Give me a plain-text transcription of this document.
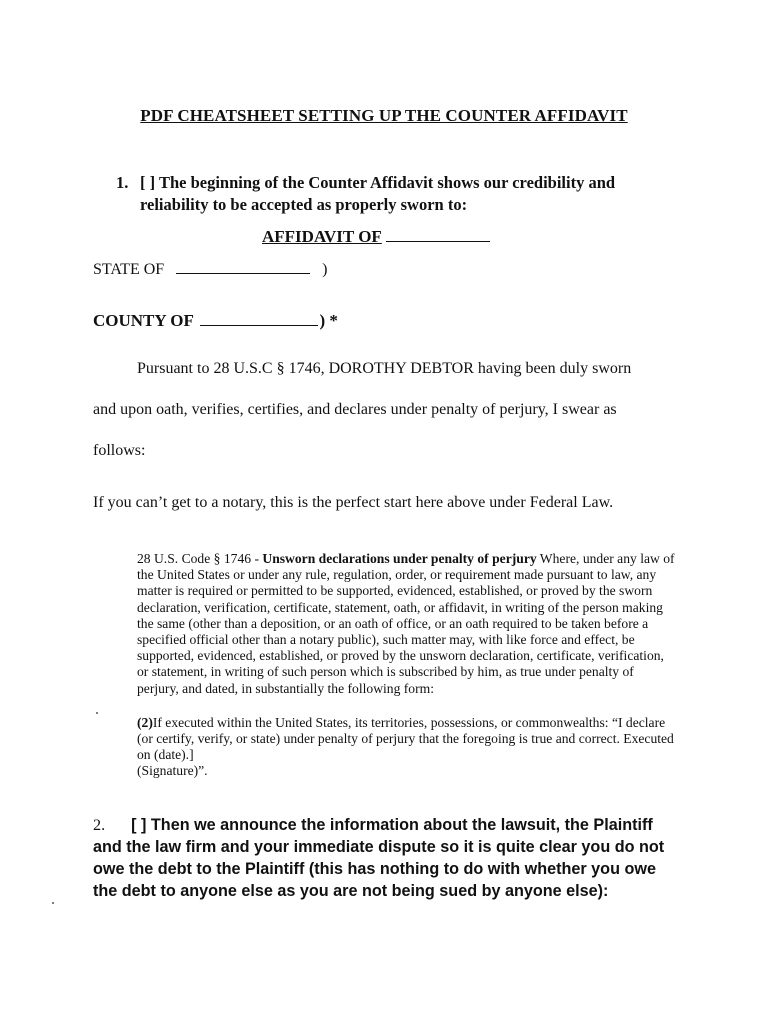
PDF CHEATSHEET SETTING UP THE COUNTER AFFIDAVIT
1. [ ] The beginning of the Counter Affidavit shows our credibility and
reliability to be accepted as properly sworn to:
AFFIDAVIT OF
STATE OF	)
COUNTY OF	) *
Pursuant to 28 U.S.C § 1746, DOROTHY DEBTOR having been duly sworn
and upon oath, verifies, certifies, and declares under penalty of perjury, I swear as
follows:
If you can’t get to a notary, this is the perfect start here above under Federal Law.

28 U.S. Code § 1746 - Unsworn declarations under penalty of perjury Where, under any law of the United States or under any rule, regulation, order, or requirement made pursuant to law, any matter is required or permitted to be supported, evidenced, established, or proved by the sworn declaration, verification, certificate, statement, oath, or affidavit, in writing of the person making the same (other than a deposition, or an oath of office, or an oath required to be taken before a specified official other than a notary public), such matter may, with like force and effect, be supported, evidenced, established, or proved by the unsworn declaration, certificate, verification, or statement, in writing of such person which is subscribed by him, as true under penalty of perjury, and dated, in substantially the following form:

(2)If executed within the United States, its territories, possessions, or commonwealths: “I declare (or certify, verify, or state) under penalty of perjury that the foregoing is true and correct. Executed on (date).]

(Signature)”.

2. [ ] Then we announce the information about the lawsuit, the Plaintiff and the law firm and your immediate dispute so it is quite clear you do not owe the debt to the Plaintiff (this has nothing to do with whether you owe the debt to anyone else as you are not being sued by anyone else):
